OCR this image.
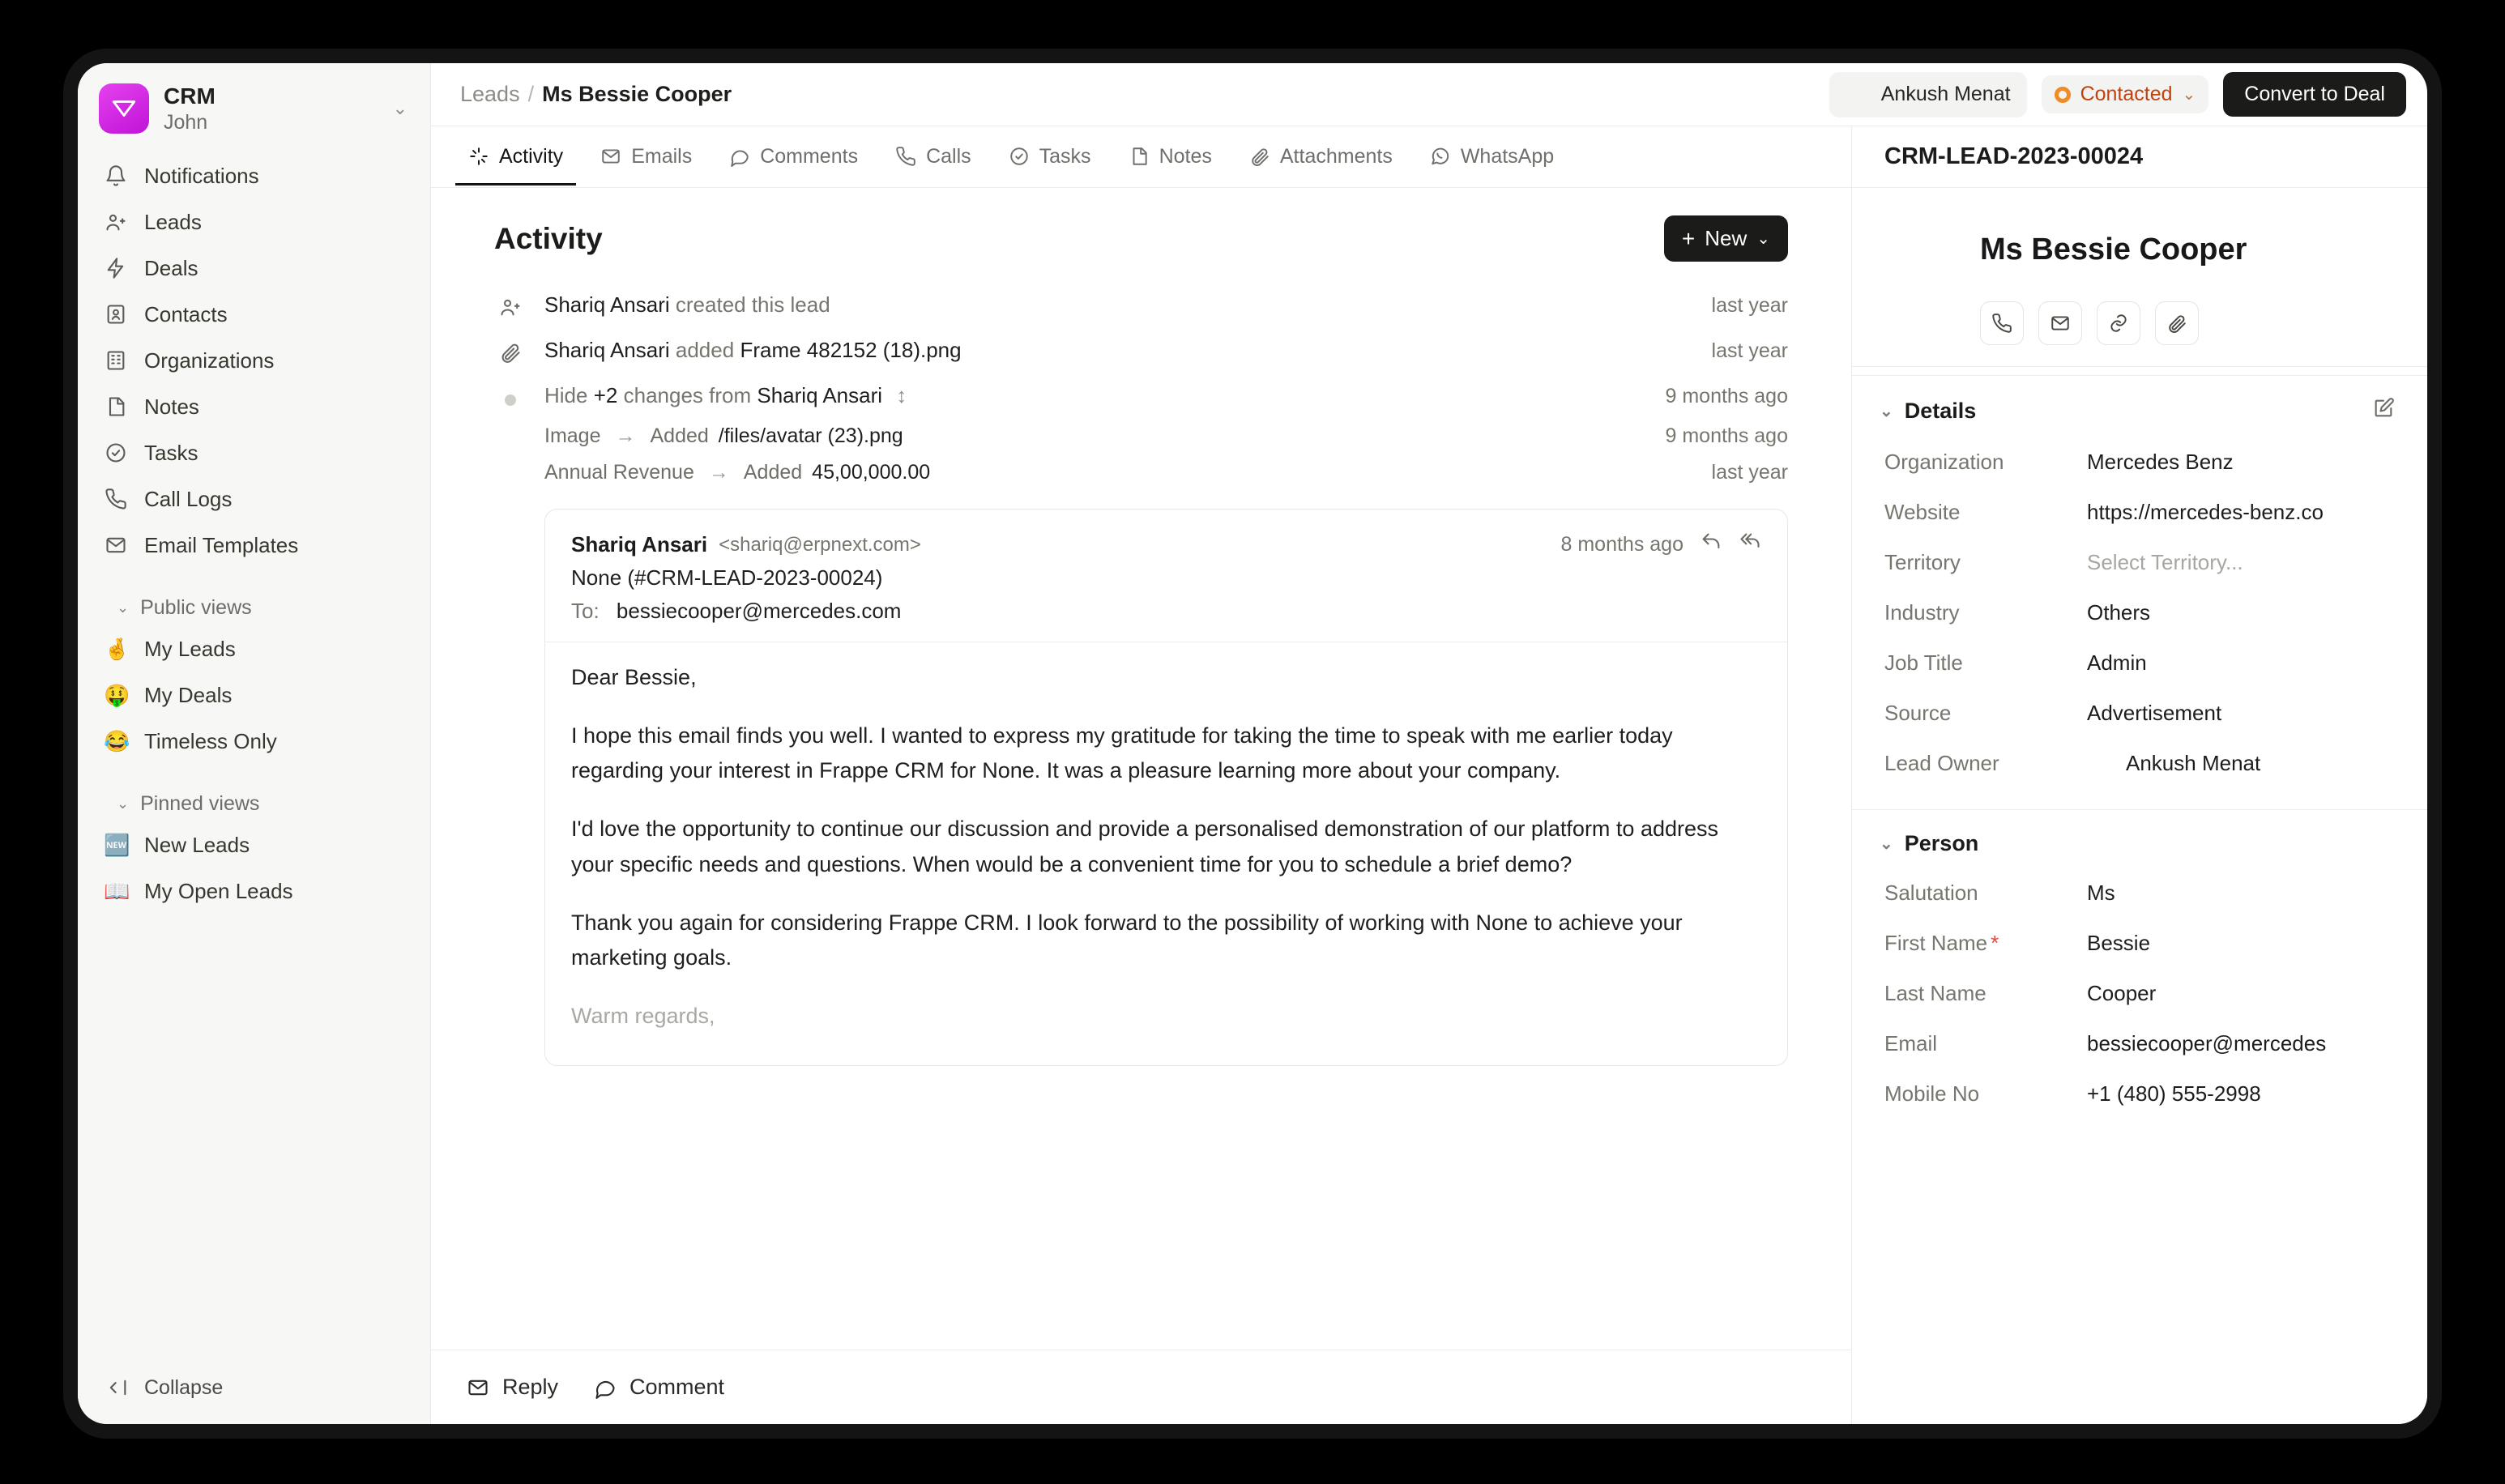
CRM
John
⌄
Notifications
Leads
Deals
Contacts
Organizations
Notes
Tasks
Call Logs
Email Templates
⌄ Public views
🤞 My Leads
🤑 My Deals
😂 Timeless Only
⌄ Pinned views
🆕 New Leads
📖 My Open Leads
Collapse
Leads / Ms Bessie Cooper	Ankush Menat	Contacted ⌄	Convert to Deal
Activity	Emails	Comments	Calls	Tasks	Notes	Attachments	WhatsApp
Activity	+ New ⌄
Shariq Ansari created this lead	last year
Shariq Ansari added Frame 482152 (18).png	last year
Hide +2 changes from Shariq Ansari ↕	9 months ago
Image → Added /files/avatar (23).png	9 months ago
Annual Revenue → Added 45,00,000.00	last year
Shariq Ansari <shariq@erpnext.com>	8 months ago
None (#CRM-LEAD-2023-00024)
To: bessiecooper@mercedes.com

Dear Bessie,

I hope this email finds you well. I wanted to express my gratitude for taking the time to speak with me earlier today regarding your interest in Frappe CRM for None. It was a pleasure learning more about your company.

I'd love the opportunity to continue our discussion and provide a personalised demonstration of our platform to address your specific needs and questions. When would be a convenient time for you to schedule a brief demo?

Thank you again for considering Frappe CRM. I look forward to the possibility of working with None to achieve your marketing goals.

Warm regards,

Reply	Comment
CRM-LEAD-2023-00024
Ms Bessie Cooper
⌄ Details
Organization	Mercedes Benz
Website	https://mercedes-benz.co
Territory	Select Territory...
Industry	Others
Job Title	Admin
Source	Advertisement
Lead Owner	Ankush Menat
⌄ Person
Salutation	Ms
First Name *	Bessie
Last Name	Cooper
Email	bessiecooper@mercedes
Mobile No	+1 (480) 555-2998
